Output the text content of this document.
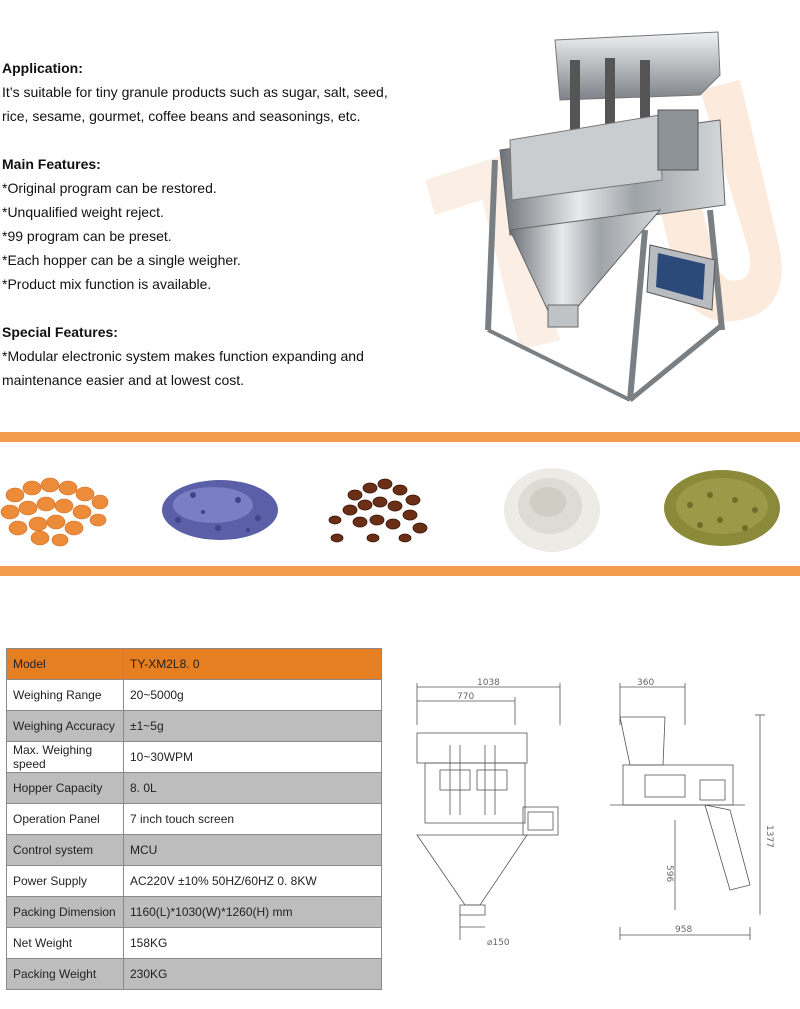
Application:
It’s suitable for tiny granule products such as sugar, salt, seed,
rice, sesame, gourmet, coffee beans and seasonings, etc.
Main Features:
*Original program can be restored.
*Unqualified weight reject.
*99 program can be preset.
*Each hopper can be a single weigher.
*Product mix function is available.
Special Features:
*Modular electronic system makes function expanding and
maintenance easier and at lowest cost.
Model	TY-XM2L8. 0
Weighing Range	20~5000g
Weighing Accuracy	±1~5g
Max. Weighing speed	10~30WPM
Hopper Capacity	8. 0L
Operation Panel	7 inch touch screen
Control system	MCU
Power Supply	AC220V ±10% 50HZ/60HZ 0. 8KW
Packing Dimension	1160(L)*1030(W)*1260(H) mm
Net Weight	158KG
Packing Weight	230KG
1038
770
⌀150
360
1377
596
958
